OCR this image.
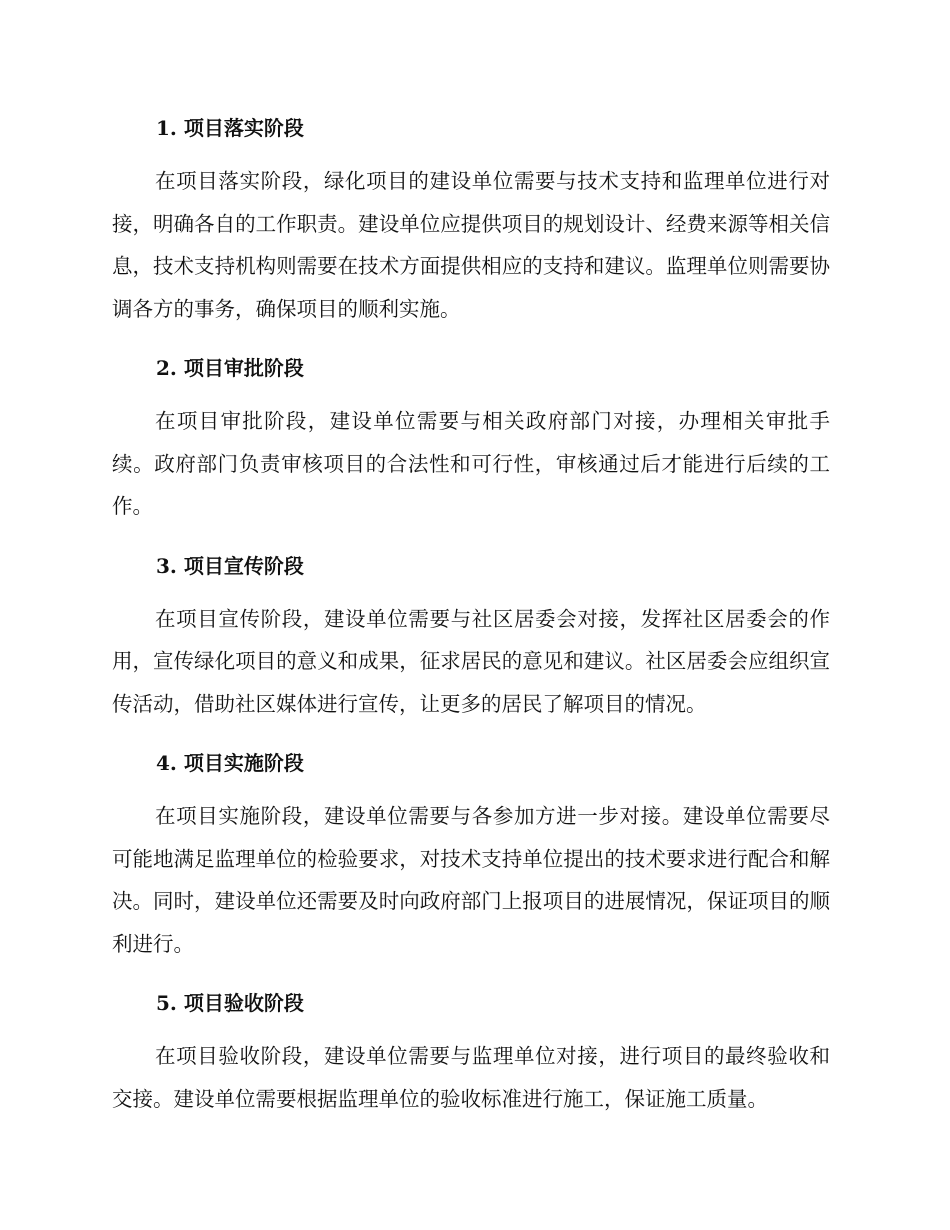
1. 项目落实阶段

在项目落实阶段，绿化项目的建设单位需要与技术支持和监理单位进行对接，明确各自的工作职责。建设单位应提供项目的规划设计、经费来源等相关信息，技术支持机构则需要在技术方面提供相应的支持和建议。监理单位则需要协调各方的事务，确保项目的顺利实施。

2. 项目审批阶段

在项目审批阶段，建设单位需要与相关政府部门对接，办理相关审批手续。政府部门负责审核项目的合法性和可行性，审核通过后才能进行后续的工作。

3. 项目宣传阶段

在项目宣传阶段，建设单位需要与社区居委会对接，发挥社区居委会的作用，宣传绿化项目的意义和成果，征求居民的意见和建议。社区居委会应组织宣传活动，借助社区媒体进行宣传，让更多的居民了解项目的情况。

4. 项目实施阶段

在项目实施阶段，建设单位需要与各参加方进一步对接。建设单位需要尽可能地满足监理单位的检验要求，对技术支持单位提出的技术要求进行配合和解决。同时，建设单位还需要及时向政府部门上报项目的进展情况，保证项目的顺利进行。

5. 项目验收阶段

在项目验收阶段，建设单位需要与监理单位对接，进行项目的最终验收和交接。建设单位需要根据监理单位的验收标准进行施工，保证施工质量。
